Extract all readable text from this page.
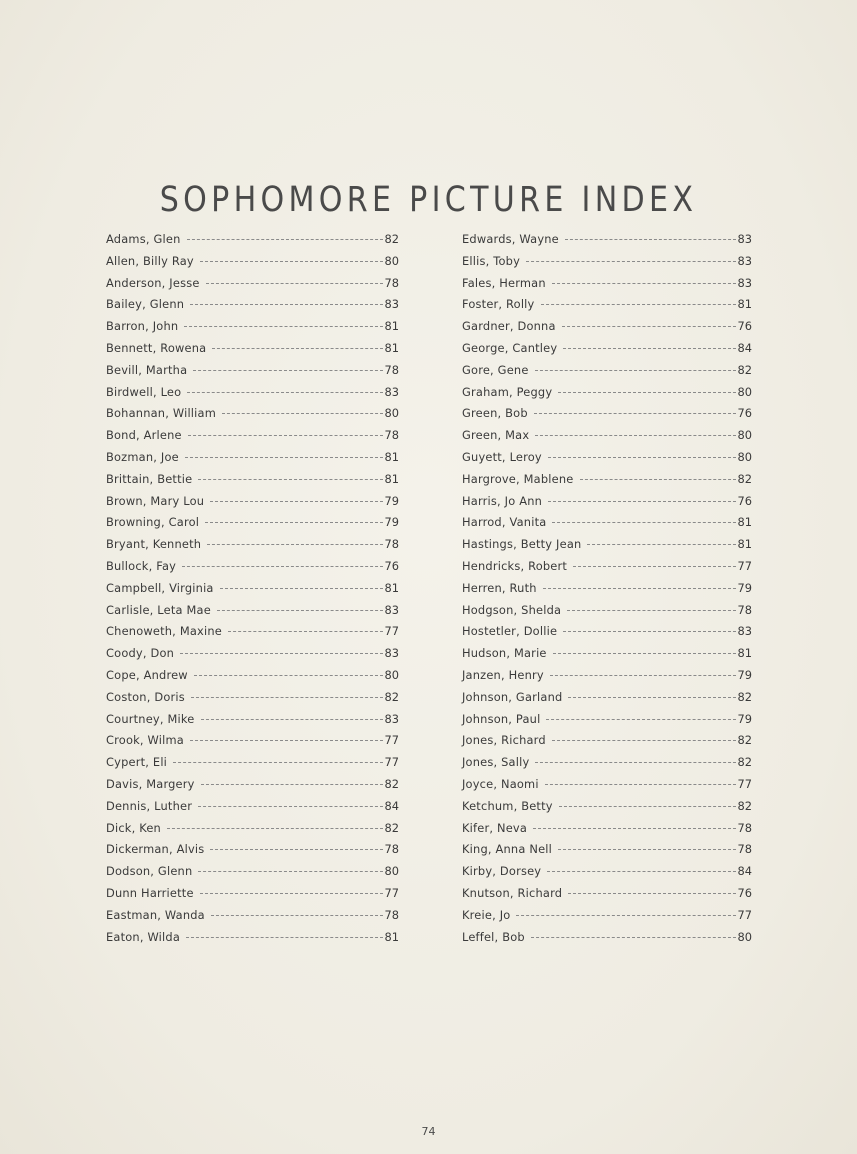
SOPHOMORE PICTURE INDEX
Adams, Glen	82
Allen, Billy Ray	80
Anderson, Jesse	78
Bailey, Glenn	83
Barron, John	81
Bennett, Rowena	81
Bevill, Martha	78
Birdwell, Leo	83
Bohannan, William	80
Bond, Arlene	78
Bozman, Joe	81
Brittain, Bettie	81
Brown, Mary Lou	79
Browning, Carol	79
Bryant, Kenneth	78
Bullock, Fay	76
Campbell, Virginia	81
Carlisle, Leta Mae	83
Chenoweth, Maxine	77
Coody, Don	83
Cope, Andrew	80
Coston, Doris	82
Courtney, Mike	83
Crook, Wilma	77
Cypert, Eli	77
Davis, Margery	82
Dennis, Luther	84
Dick, Ken	82
Dickerman, Alvis	78
Dodson, Glenn	80
Dunn Harriette	77
Eastman, Wanda	78
Eaton, Wilda	81
Edwards, Wayne	83
Ellis, Toby	83
Fales, Herman	83
Foster, Rolly	81
Gardner, Donna	76
George, Cantley	84
Gore, Gene	82
Graham, Peggy	80
Green, Bob	76
Green, Max	80
Guyett, Leroy	80
Hargrove, Mablene	82
Harris, Jo Ann	76
Harrod, Vanita	81
Hastings, Betty Jean	81
Hendricks, Robert	77
Herren, Ruth	79
Hodgson, Shelda	78
Hostetler, Dollie	83
Hudson, Marie	81
Janzen, Henry	79
Johnson, Garland	82
Johnson, Paul	79
Jones, Richard	82
Jones, Sally	82
Joyce, Naomi	77
Ketchum, Betty	82
Kifer, Neva	78
King, Anna Nell	78
Kirby, Dorsey	84
Knutson, Richard	76
Kreie, Jo	77
Leffel, Bob	80
74
